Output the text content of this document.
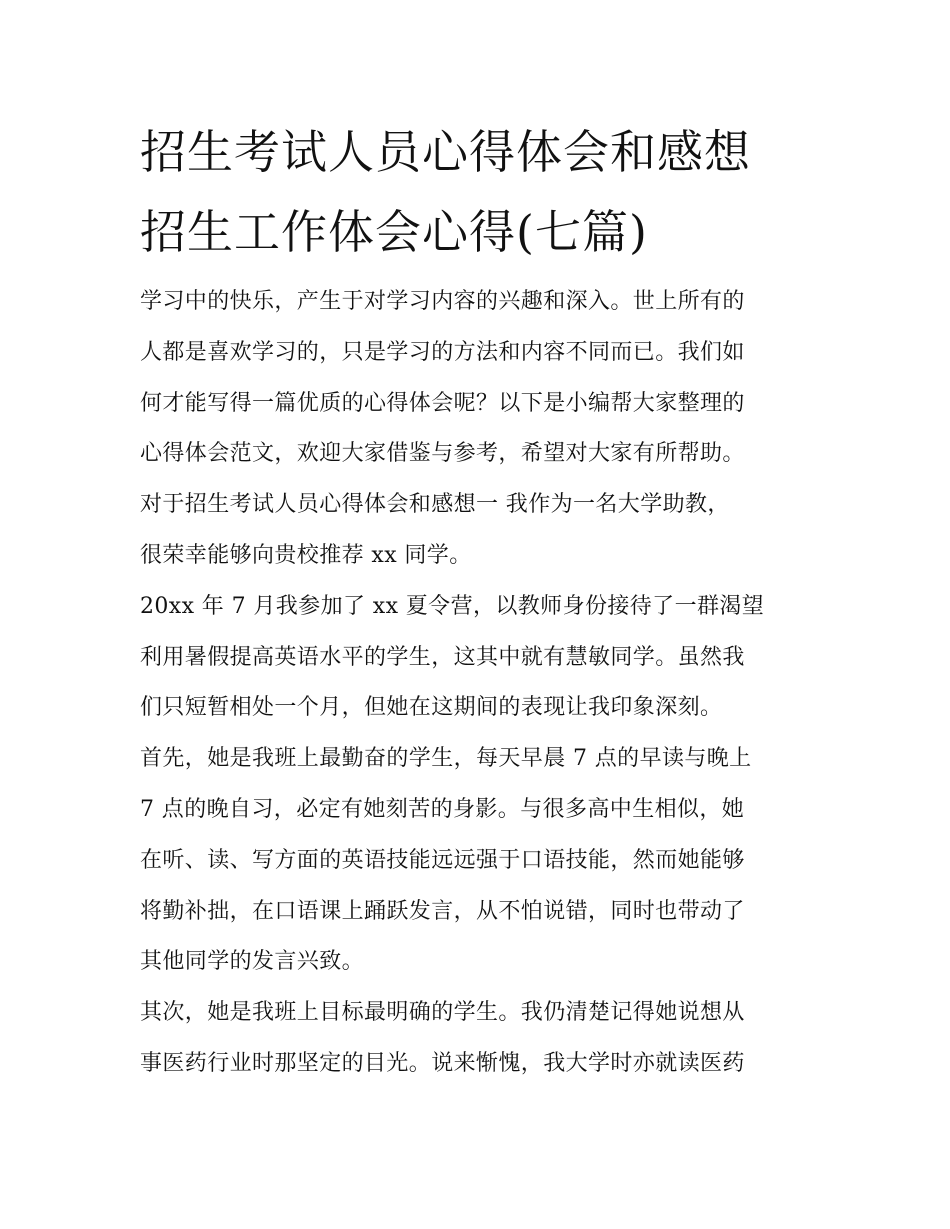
招生考试人员心得体会和感想
招生工作体会心得(七篇)
学习中的快乐，产生于对学习内容的兴趣和深入。世上所有的
人都是喜欢学习的，只是学习的方法和内容不同而已。我们如
何才能写得一篇优质的心得体会呢？以下是小编帮大家整理的
心得体会范文，欢迎大家借鉴与参考，希望对大家有所帮助。
对于招生考试人员心得体会和感想一 我作为一名大学助教，
很荣幸能够向贵校推荐 xx 同学。
20xx 年 7 月我参加了 xx 夏令营，以教师身份接待了一群渴望
利用暑假提高英语水平的学生，这其中就有慧敏同学。虽然我
们只短暂相处一个月，但她在这期间的表现让我印象深刻。
首先，她是我班上最勤奋的学生，每天早晨 7 点的早读与晚上
7 点的晚自习，必定有她刻苦的身影。与很多高中生相似，她
在听、读、写方面的英语技能远远强于口语技能，然而她能够
将勤补拙，在口语课上踊跃发言，从不怕说错，同时也带动了
其他同学的发言兴致。
其次，她是我班上目标最明确的学生。我仍清楚记得她说想从
事医药行业时那坚定的目光。说来惭愧，我大学时亦就读医药
